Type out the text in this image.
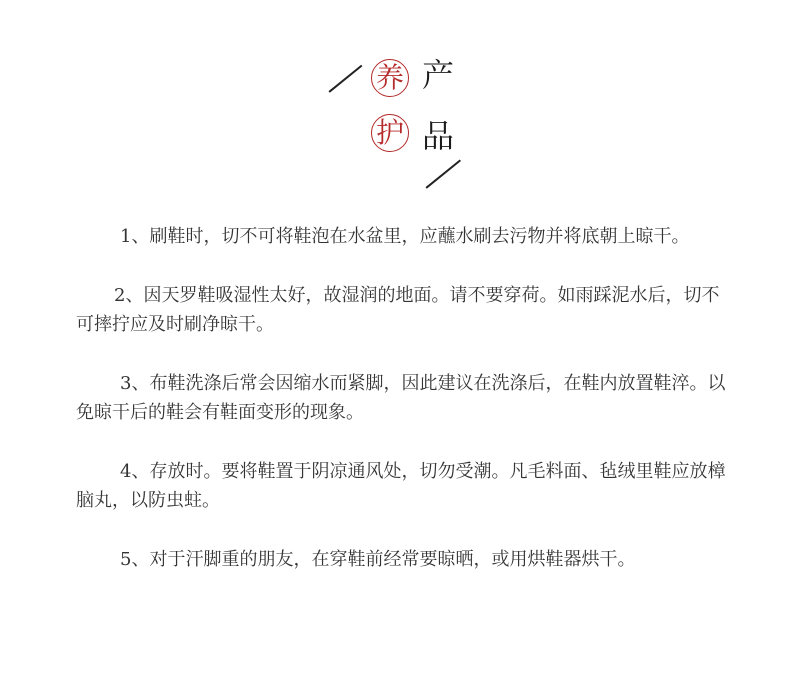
养 产
护 品

1、刷鞋时，切不可将鞋泡在水盆里，应蘸水刷去污物并将底朝上晾干。

2、因天罗鞋吸湿性太好，故湿润的地面。请不要穿荷。如雨踩泥水后，切不可摔拧应及时刷净晾干。

3、布鞋洗涤后常会因缩水而紧脚，因此建议在洗涤后，在鞋内放置鞋淬。以免晾干后的鞋会有鞋面变形的现象。

4、存放时。要将鞋置于阴凉通风处，切勿受潮。凡毛料面、毡绒里鞋应放樟脑丸，以防虫蛀。

5、对于汗脚重的朋友，在穿鞋前经常要晾晒，或用烘鞋器烘干。
